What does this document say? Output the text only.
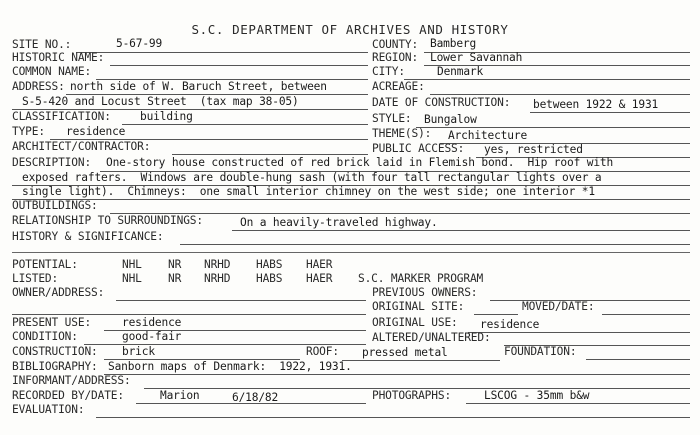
S.C. DEPARTMENT OF ARCHIVES AND HISTORY
SITE NO.:	5-67-99	COUNTY: Bamberg
HISTORIC NAME:	REGION: Lower Savannah
COMMON NAME:	CITY:	Denmark
ADDRESS: north side of W. Baruch Street, between	ACREAGE:
S-5-420 and Locust Street  (tax map 38-05)	DATE OF CONSTRUCTION: between 1922 & 1931
CLASSIFICATION:	building	STYLE: Bungalow
TYPE: residence	THEME(S): Architecture
ARCHITECT/CONTRACTOR:	PUBLIC ACCESS: yes, restricted
DESCRIPTION: One-story house constructed of red brick laid in Flemish bond.  Hip roof with
exposed rafters.  Windows are double-hung sash (with four tall rectangular lights over a
single light).  Chimneys:  one small interior chimney on the west side; one interior *1
OUTBUILDINGS:
RELATIONSHIP TO SURROUNDINGS:	On a heavily-traveled highway.
HISTORY & SIGNIFICANCE:
POTENTIAL:	NHL NR NRHD HABS HAER
LISTED:	NHL NR NRHD HABS HAER S.C. MARKER PROGRAM
OWNER/ADDRESS:	PREVIOUS OWNERS:
ORIGINAL SITE:	MOVED/DATE:
PRESENT USE:	residence	ORIGINAL USE: residence
CONDITION:	good-fair	ALTERED/UNALTERED:
CONSTRUCTION: brick	ROOF: pressed metal	FOUNDATION:
BIBLIOGRAPHY: Sanborn maps of Denmark:  1922, 1931.
INFORMANT/ADDRESS:
RECORDED BY/DATE:	Marion	6/18/82	PHOTOGRAPHS:	LSCOG - 35mm b&w
EVALUATION:
